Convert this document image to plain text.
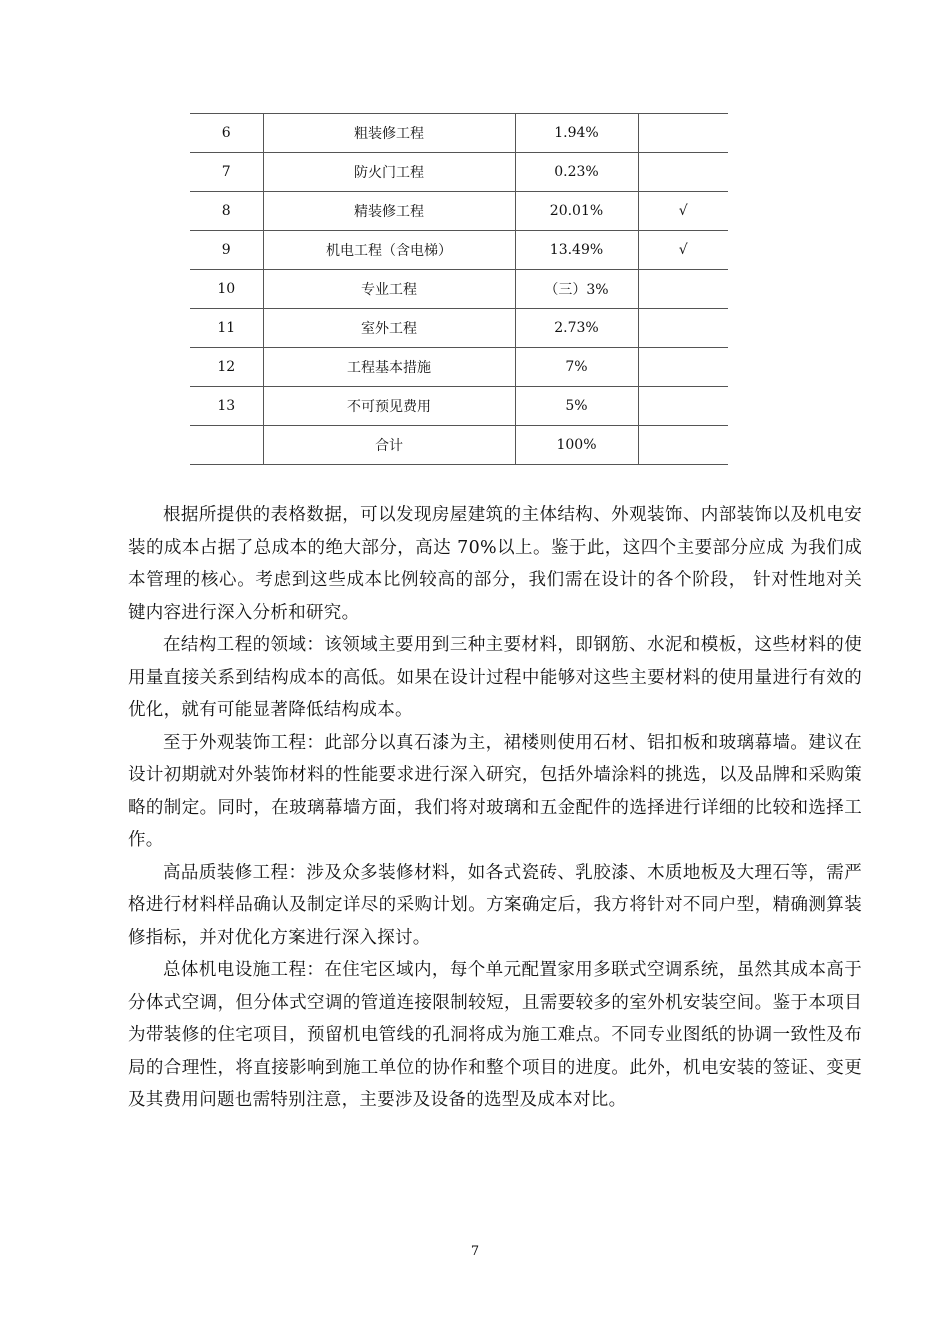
6	粗装修工程	1.94%	
7	防火门工程	0.23%	
8	精装修工程	20.01%	√
9	机电工程（含电梯）	13.49%	√
10	专业工程	（三）3%	
11	室外工程	2.73%	
12	工程基本措施	7%	
13	不可预见费用	5%	
	合计	100%	

根据所提供的表格数据，可以发现房屋建筑的主体结构、外观装饰、内部装饰以及机电安装的成本占据了总成本的绝大部分，高达 70%以上。鉴于此，这四个主要部分应成 为我们成本管理的核心。考虑到这些成本比例较高的部分，我们需在设计的各个阶段， 针对性地对关键内容进行深入分析和研究。

在结构工程的领域：该领域主要用到三种主要材料，即钢筋、水泥和模板，这些材料的使用量直接关系到结构成本的高低。如果在设计过程中能够对这些主要材料的使用量进行有效的优化，就有可能显著降低结构成本。

至于外观装饰工程：此部分以真石漆为主，裙楼则使用石材、铝扣板和玻璃幕墙。建议在设计初期就对外装饰材料的性能要求进行深入研究，包括外墙涂料的挑选，以及品牌和采购策略的制定。同时，在玻璃幕墙方面，我们将对玻璃和五金配件的选择进行详细的比较和选择工作。

高品质装修工程：涉及众多装修材料，如各式瓷砖、乳胶漆、木质地板及大理石等，需严格进行材料样品确认及制定详尽的采购计划。方案确定后，我方将针对不同户型，精确测算装修指标，并对优化方案进行深入探讨。

总体机电设施工程：在住宅区域内，每个单元配置家用多联式空调系统，虽然其成本高于分体式空调，但分体式空调的管道连接限制较短，且需要较多的室外机安装空间。鉴于本项目为带装修的住宅项目，预留机电管线的孔洞将成为施工难点。不同专业图纸的协调一致性及布局的合理性，将直接影响到施工单位的协作和整个项目的进度。此外，机电安装的签证、变更及其费用问题也需特别注意，主要涉及设备的选型及成本对比。

7
